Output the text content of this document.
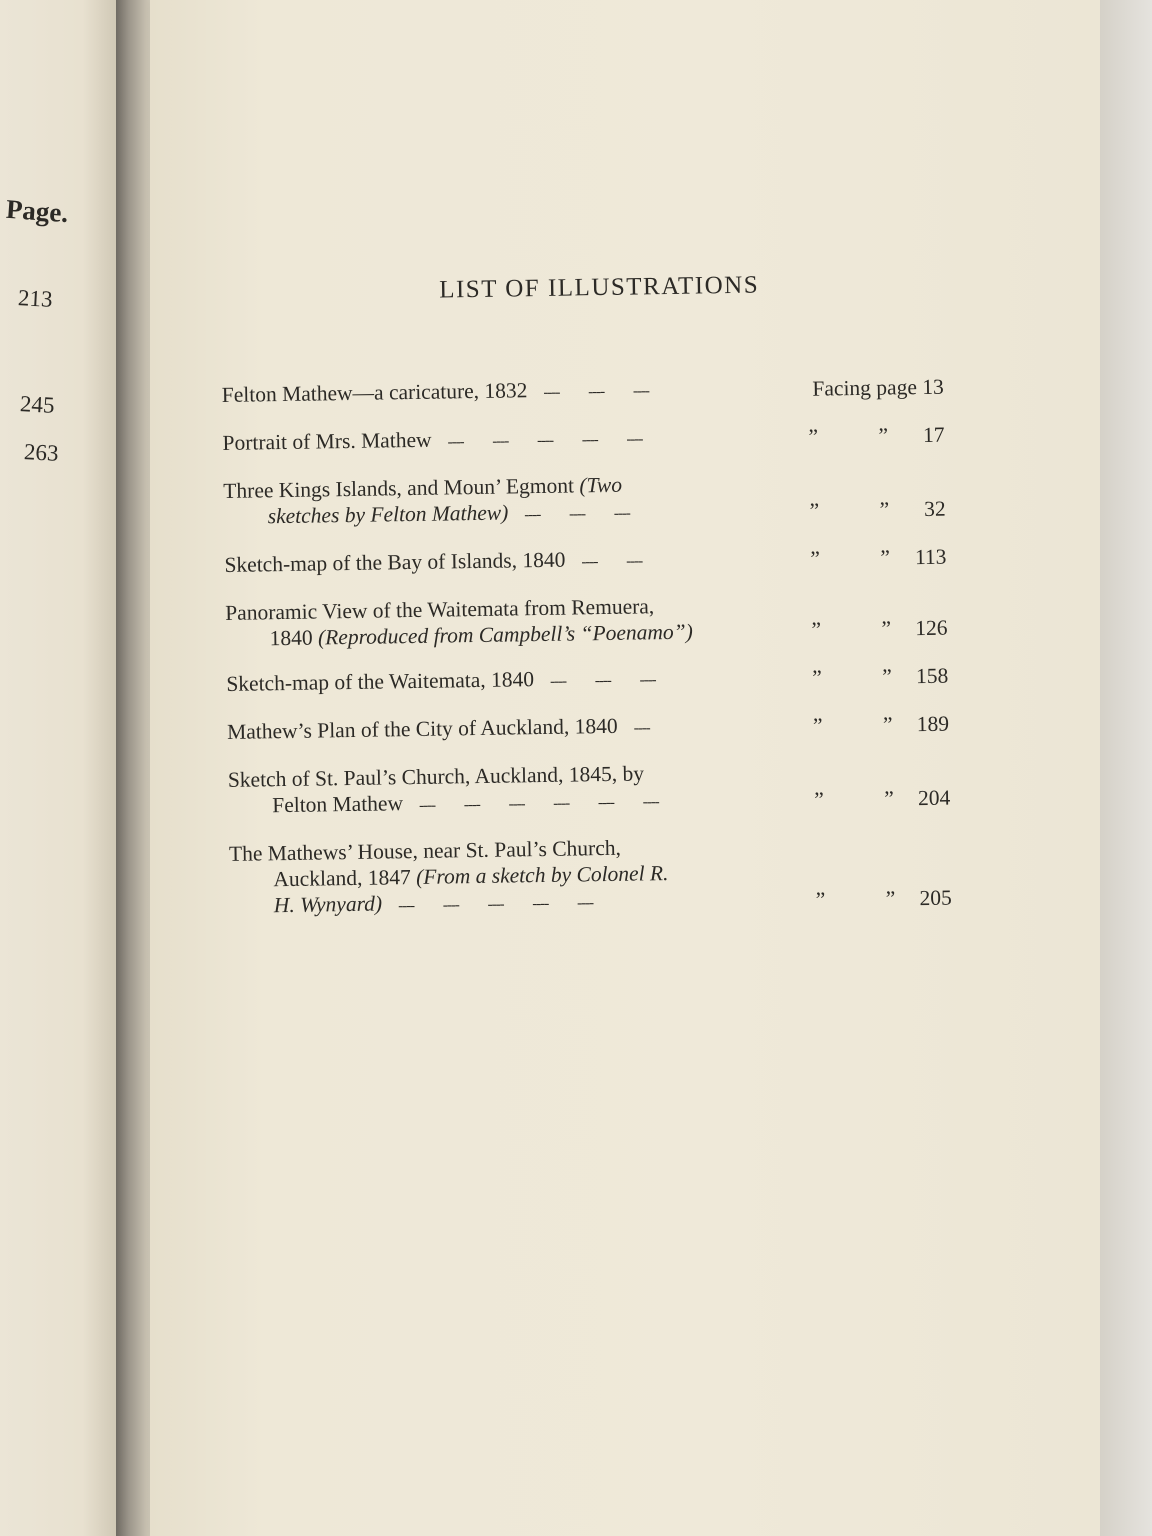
Page.
213
245
263
LIST OF ILLUSTRATIONS
Felton Mathew—a caricature, 1832 ---- ---- ----	Facing page 13
Portrait of Mrs. Mathew ---- ---- ---- ---- ----	”	” 17
Three Kings Islands, and Moun’ Egmont (Two
sketches by Felton Mathew) ---- ---- ----	”	” 32
Sketch-map of the Bay of Islands, 1840 ---- ----	”	” 113
Panoramic View of the Waitemata from Remuera,
1840 (Reproduced from Campbell’s “Poenamo”)	”	” 126
Sketch-map of the Waitemata, 1840 ---- ---- ----	”	” 158
Mathew’s Plan of the City of Auckland, 1840 ----	”	” 189
Sketch of St. Paul’s Church, Auckland, 1845, by
Felton Mathew ---- ---- ---- ---- ---- ----	”	” 204
The Mathews’ House, near St. Paul’s Church,
Auckland, 1847 (From a sketch by Colonel R.
H. Wynyard) ---- ---- ---- ---- ----	”	” 205
